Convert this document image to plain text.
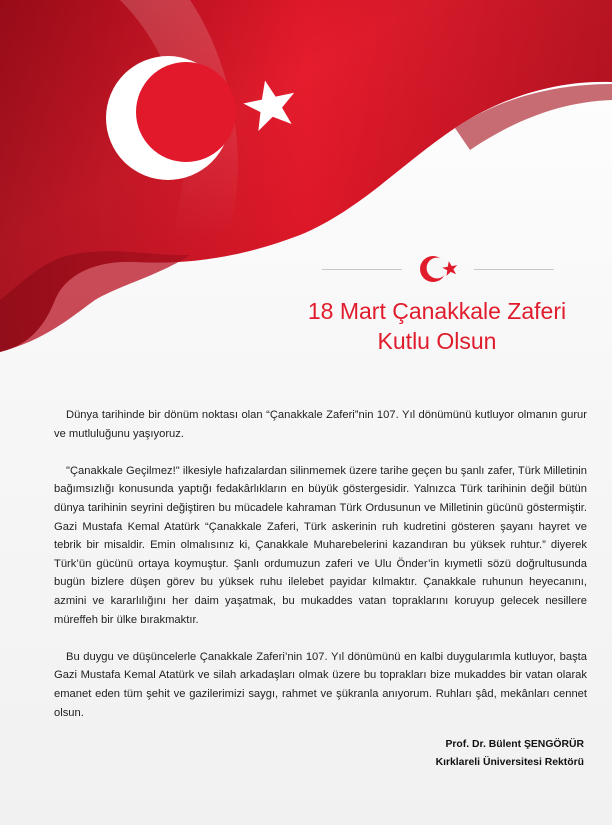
18 Mart Çanakkale Zaferi
Kutlu Olsun

Dünya tarihinde bir dönüm noktası olan “Çanakkale Zaferi”nin 107. Yıl dönümünü kutluyor olmanın gurur ve mutluluğunu yaşıyoruz.

"Çanakkale Geçilmez!" ilkesiyle hafızalardan silinmemek üzere tarihe geçen bu şanlı zafer, Türk Milletinin bağımsızlığı konusunda yaptığı fedakârlıkların en büyük göstergesidir. Yalnızca Türk tarihinin değil bütün dünya tarihinin seyrini değiştiren bu mücadele kahraman Türk Ordusunun ve Milletinin gücünü göstermiştir. Gazi Mustafa Kemal Atatürk “Çanakkale Zaferi, Türk askerinin ruh kudretini gösteren şayanı hayret ve tebrik bir misaldir. Emin olmalısınız ki, Çanakkale Muharebelerini kazandıran bu yüksek ruhtur.” diyerek Türk’ün gücünü ortaya koymuştur. Şanlı ordumuzun zaferi ve Ulu Önder’in kıymetli sözü doğrultusunda bugün bizlere düşen görev bu yüksek ruhu ilelebet payidar kılmaktır. Çanakkale ruhunun heyecanını, azmini ve kararlılığını her daim yaşatmak, bu mukaddes vatan topraklarını koruyup gelecek nesillere müreffeh bir ülke bırakmaktır.

Bu duygu ve düşüncelerle Çanakkale Zaferi’nin 107. Yıl dönümünü en kalbi duygularımla kutluyor, başta Gazi Mustafa Kemal Atatürk ve silah arkadaşları olmak üzere bu toprakları bize mukaddes bir vatan olarak emanet eden tüm şehit ve gazilerimizi saygı, rahmet ve şükranla anıyorum. Ruhları şâd, mekânları cennet olsun.

Prof. Dr. Bülent ŞENGÖRÜR
Kırklareli Üniversitesi Rektörü
